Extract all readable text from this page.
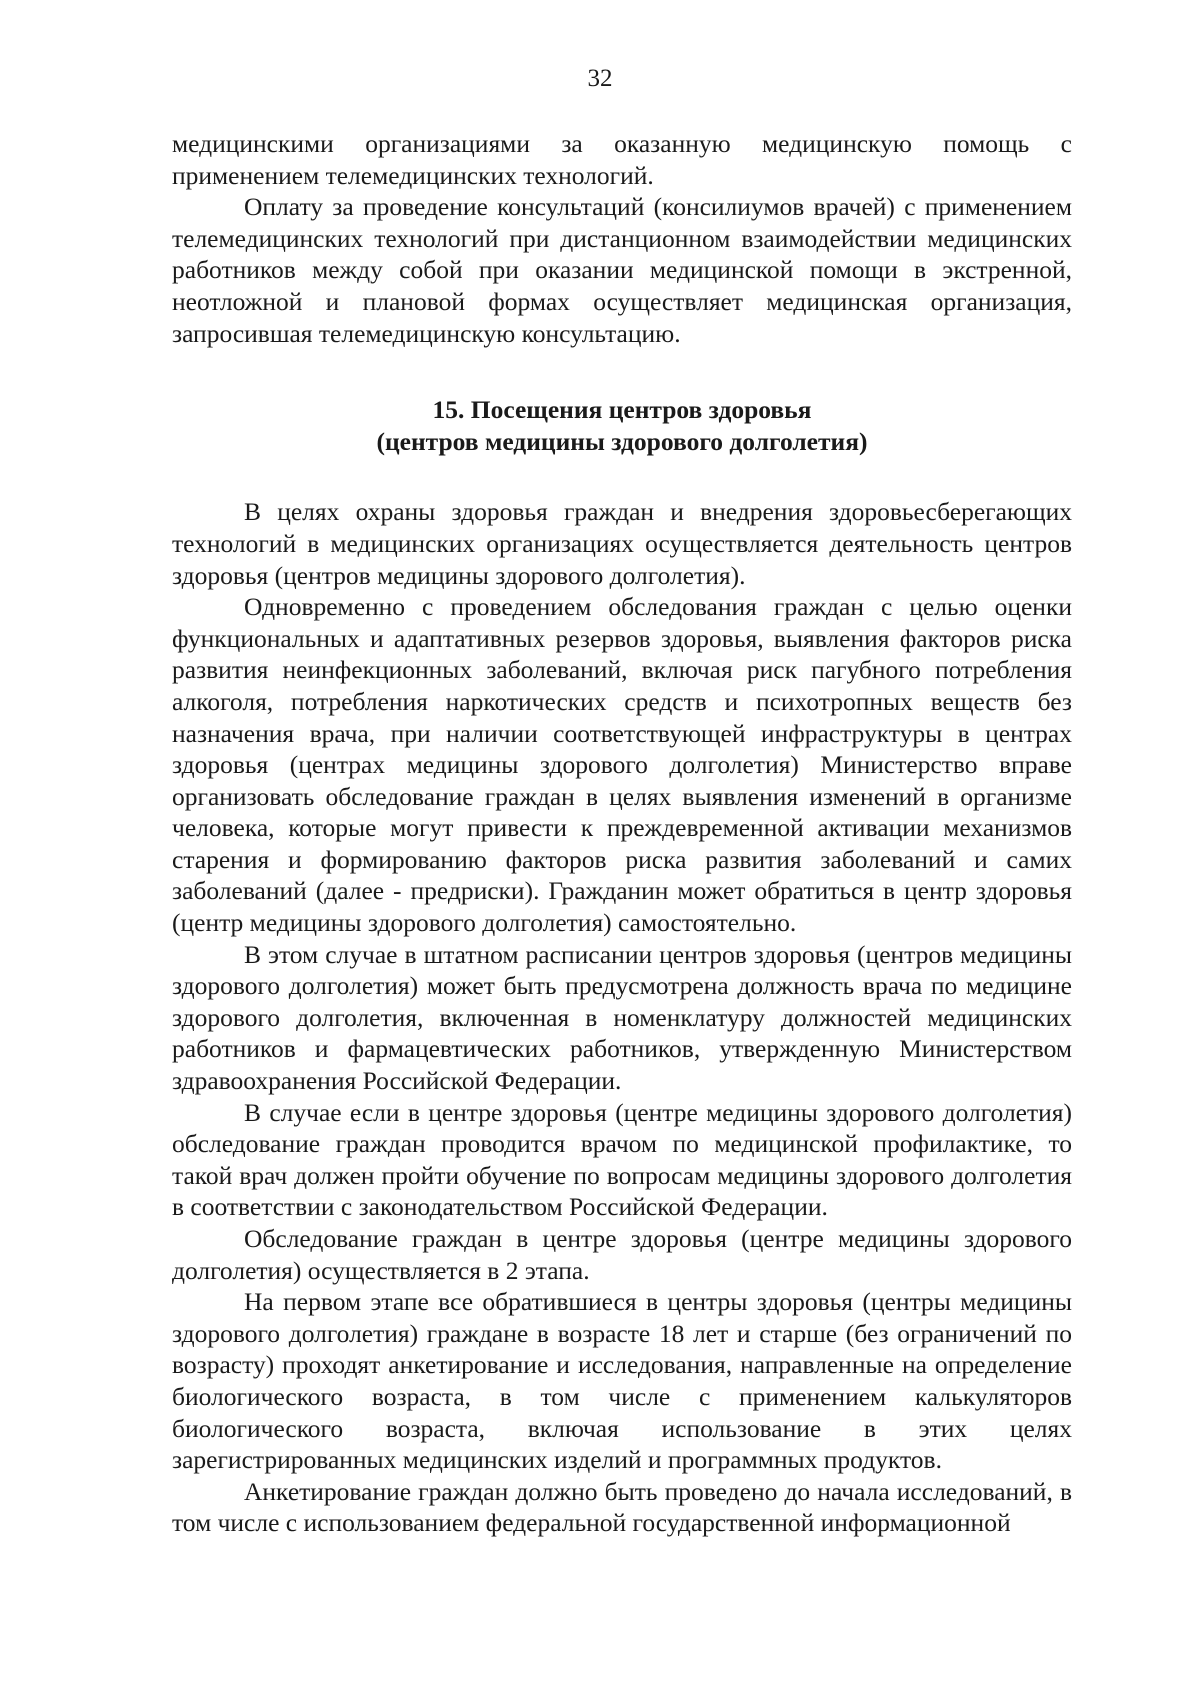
32

медицинскими организациями за оказанную медицинскую помощь с применением телемедицинских технологий.

Оплату за проведение консультаций (консилиумов врачей) с применением телемедицинских технологий при дистанционном взаимодействии медицинских работников между собой при оказании медицинской помощи в экстренной, неотложной и плановой формах осуществляет медицинская организация, запросившая телемедицинскую консультацию.

15. Посещения центров здоровья
(центров медицины здорового долголетия)

В целях охраны здоровья граждан и внедрения здоровьесберегающих технологий в медицинских организациях осуществляется деятельность центров здоровья (центров медицины здорового долголетия).

Одновременно с проведением обследования граждан с целью оценки функциональных и адаптативных резервов здоровья, выявления факторов риска развития неинфекционных заболеваний, включая риск пагубного потребления алкоголя, потребления наркотических средств и психотропных веществ без назначения врача, при наличии соответствующей инфраструктуры в центрах здоровья (центрах медицины здорового долголетия) Министерство вправе организовать обследование граждан в целях выявления изменений в организме человека, которые могут привести к преждевременной активации механизмов старения и формированию факторов риска развития заболеваний и самих заболеваний (далее - предриски). Гражданин может обратиться в центр здоровья (центр медицины здорового долголетия) самостоятельно.

В этом случае в штатном расписании центров здоровья (центров медицины здорового долголетия) может быть предусмотрена должность врача по медицине здорового долголетия, включенная в номенклатуру должностей медицинских работников и фармацевтических работников, утвержденную Министерством здравоохранения Российской Федерации.

В случае если в центре здоровья (центре медицины здорового долголетия) обследование граждан проводится врачом по медицинской профилактике, то такой врач должен пройти обучение по вопросам медицины здорового долголетия в соответствии с законодательством Российской Федерации.

Обследование граждан в центре здоровья (центре медицины здорового долголетия) осуществляется в 2 этапа.

На первом этапе все обратившиеся в центры здоровья (центры медицины здорового долголетия) граждане в возрасте 18 лет и старше (без ограничений по возрасту) проходят анкетирование и исследования, направленные на определение биологического возраста, в том числе с применением калькуляторов биологического возраста, включая использование в этих целях зарегистрированных медицинских изделий и программных продуктов.

Анкетирование граждан должно быть проведено до начала исследований, в том числе с использованием федеральной государственной информационной
